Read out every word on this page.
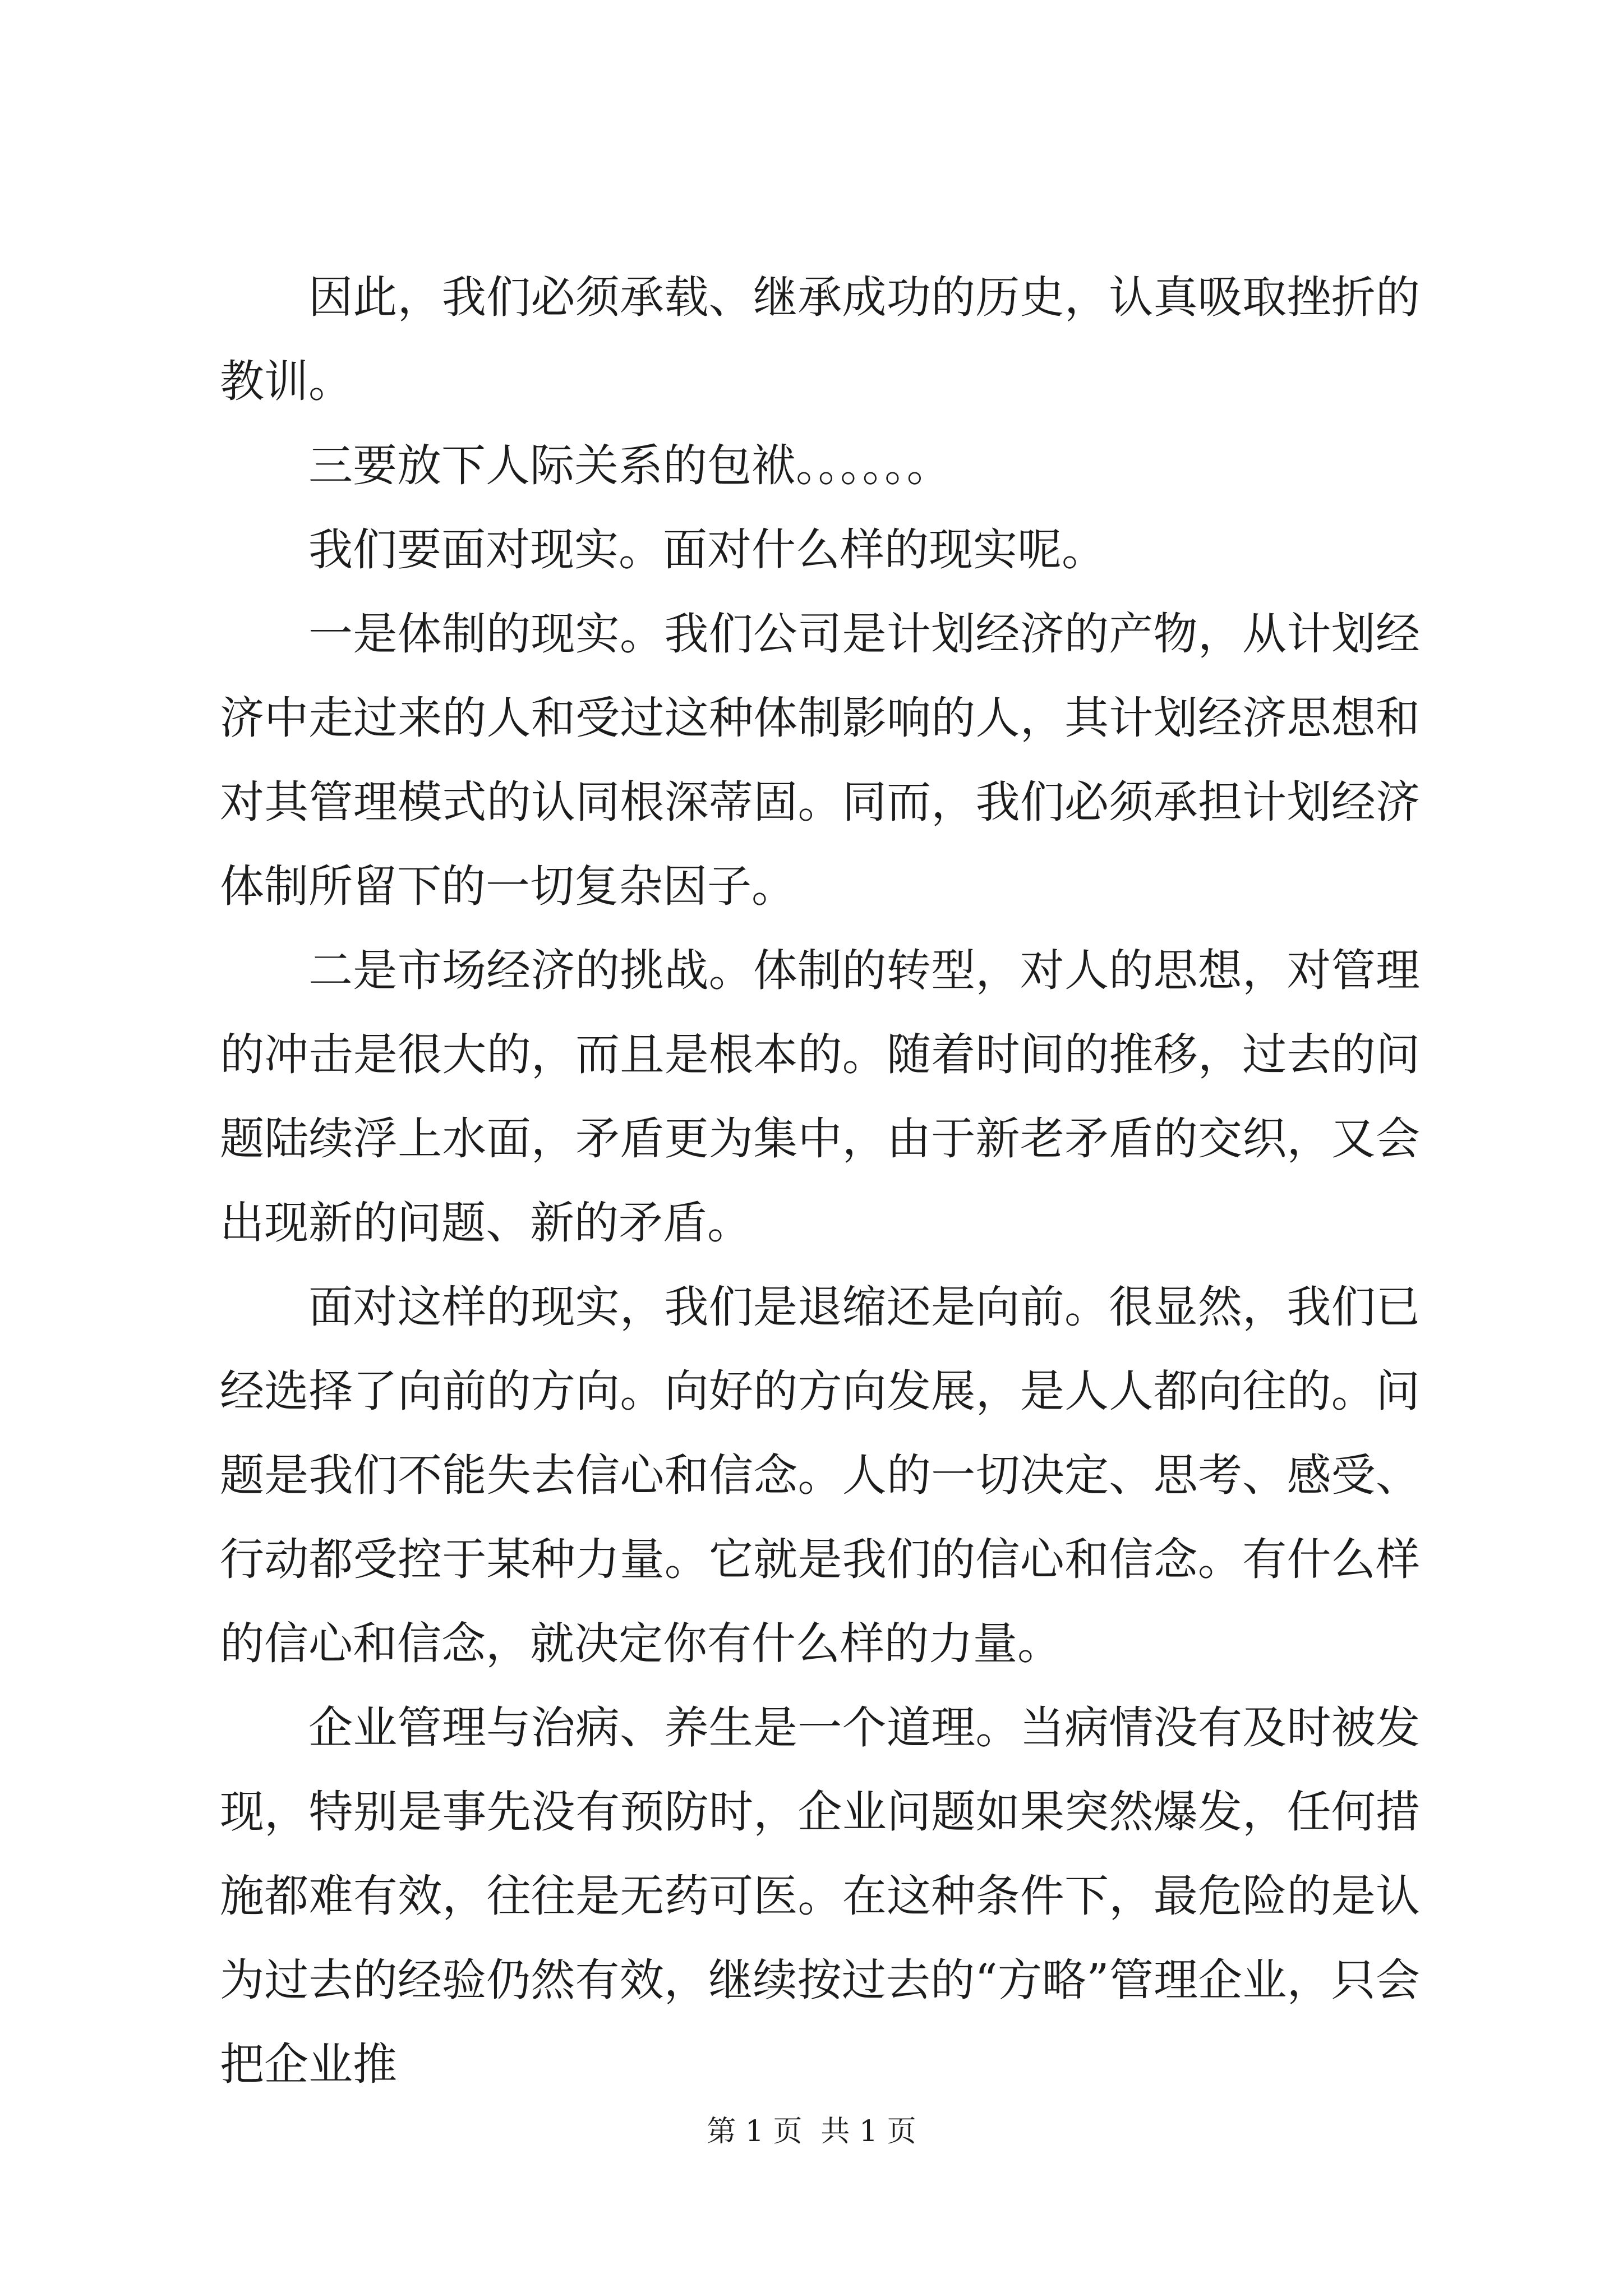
因此，我们必须承载、继承成功的历史，认真吸取挫折的教训。

三要放下人际关系的包袱。。。。。。

我们要面对现实。面对什么样的现实呢。

一是体制的现实。我们公司是计划经济的产物，从计划经济中走过来的人和受过这种体制影响的人，其计划经济思想和对其管理模式的认同根深蒂固。同而，我们必须承担计划经济体制所留下的一切复杂因子。

二是市场经济的挑战。体制的转型，对人的思想，对管理的冲击是很大的，而且是根本的。随着时间的推移，过去的问题陆续浮上水面，矛盾更为集中，由于新老矛盾的交织，又会出现新的问题、新的矛盾。

面对这样的现实，我们是退缩还是向前。很显然，我们已经选择了向前的方向。向好的方向发展，是人人都向往的。问题是我们不能失去信心和信念。人的一切决定、思考、感受、行动都受控于某种力量。它就是我们的信心和信念。有什么样的信心和信念，就决定你有什么样的力量。

企业管理与治病、养生是一个道理。当病情没有及时被发现，特别是事先没有预防时，企业问题如果突然爆发，任何措施都难有效，往往是无药可医。在这种条件下，最危险的是认为过去的经验仍然有效，继续按过去的“方略”管理企业，只会把企业推

第 1 页  共 1 页
